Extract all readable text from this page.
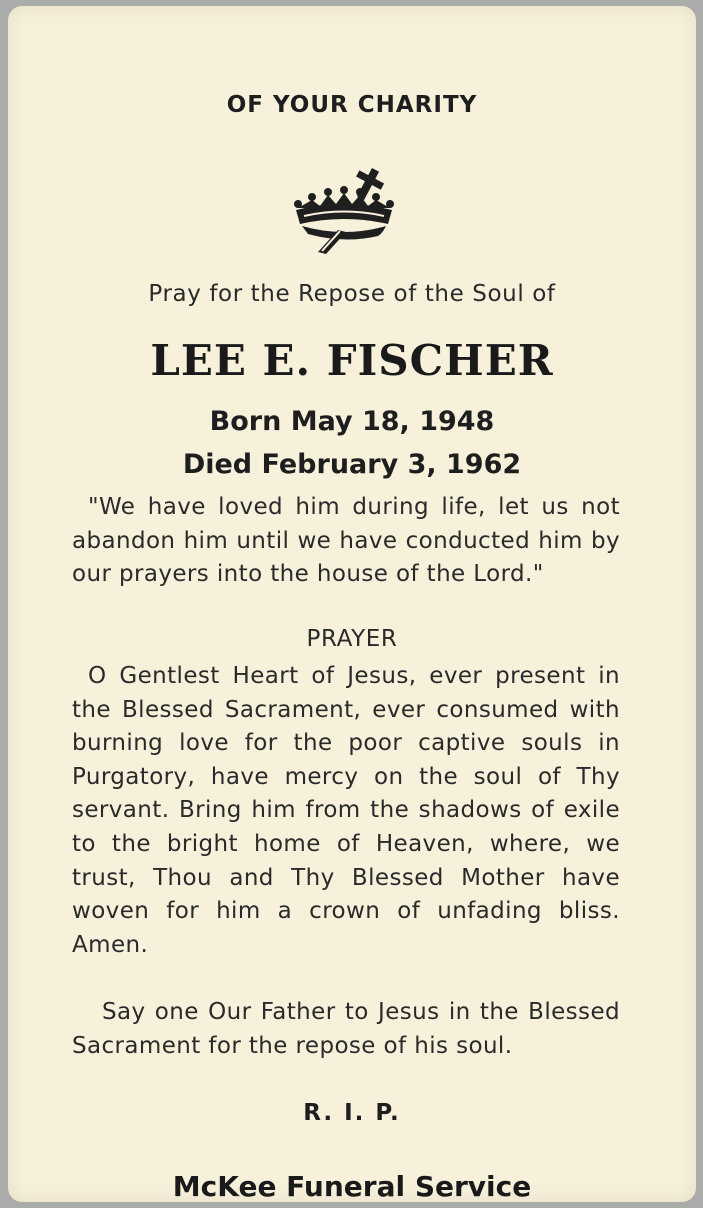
OF YOUR CHARITY
Pray for the Repose of the Soul of
LEE E. FISCHER
Born May 18, 1948
Died February 3, 1962
"We have loved him during life, let us not abandon him until we have conducted him by our prayers into the house of the Lord."
PRAYER
O Gentlest Heart of Jesus, ever present in the Blessed Sacrament, ever consumed with burning love for the poor captive souls in Purgatory, have mercy on the soul of Thy servant. Bring him from the shadows of exile to the bright home of Heaven, where, we trust, Thou and Thy Blessed Mother have woven for him a crown of unfading bliss. Amen.
Say one Our Father to Jesus in the Blessed Sacrament for the repose of his soul.
R. I. P.
McKee Funeral Service
